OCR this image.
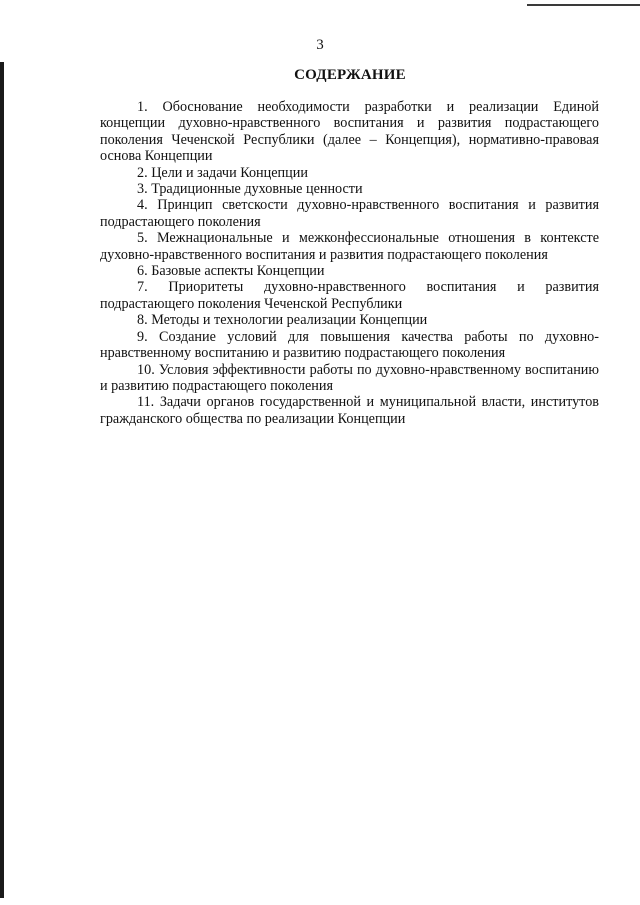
3
СОДЕРЖАНИЕ

1. Обоснование необходимости разработки и реализации Единой концепции духовно-нравственного воспитания и развития подрастающего поколения Чеченской Республики (далее – Концепция), нормативно-правовая основа Концепции

2. Цели и задачи Концепции

3. Традиционные духовные ценности

4. Принцип светскости духовно-нравственного воспитания и развития подрастающего поколения

5. Межнациональные и межконфессиональные отношения в контексте духовно-нравственного воспитания и развития подрастающего поколения

6. Базовые аспекты Концепции

7. Приоритеты духовно-нравственного воспитания и развития подрастающего поколения Чеченской Республики

8. Методы и технологии реализации Концепции

9. Создание условий для повышения качества работы по духовно-нравственному воспитанию и развитию подрастающего поколения

10. Условия эффективности работы по духовно-нравственному воспитанию и развитию подрастающего поколения

11. Задачи органов государственной и муниципальной власти, институтов гражданского общества по реализации Концепции
